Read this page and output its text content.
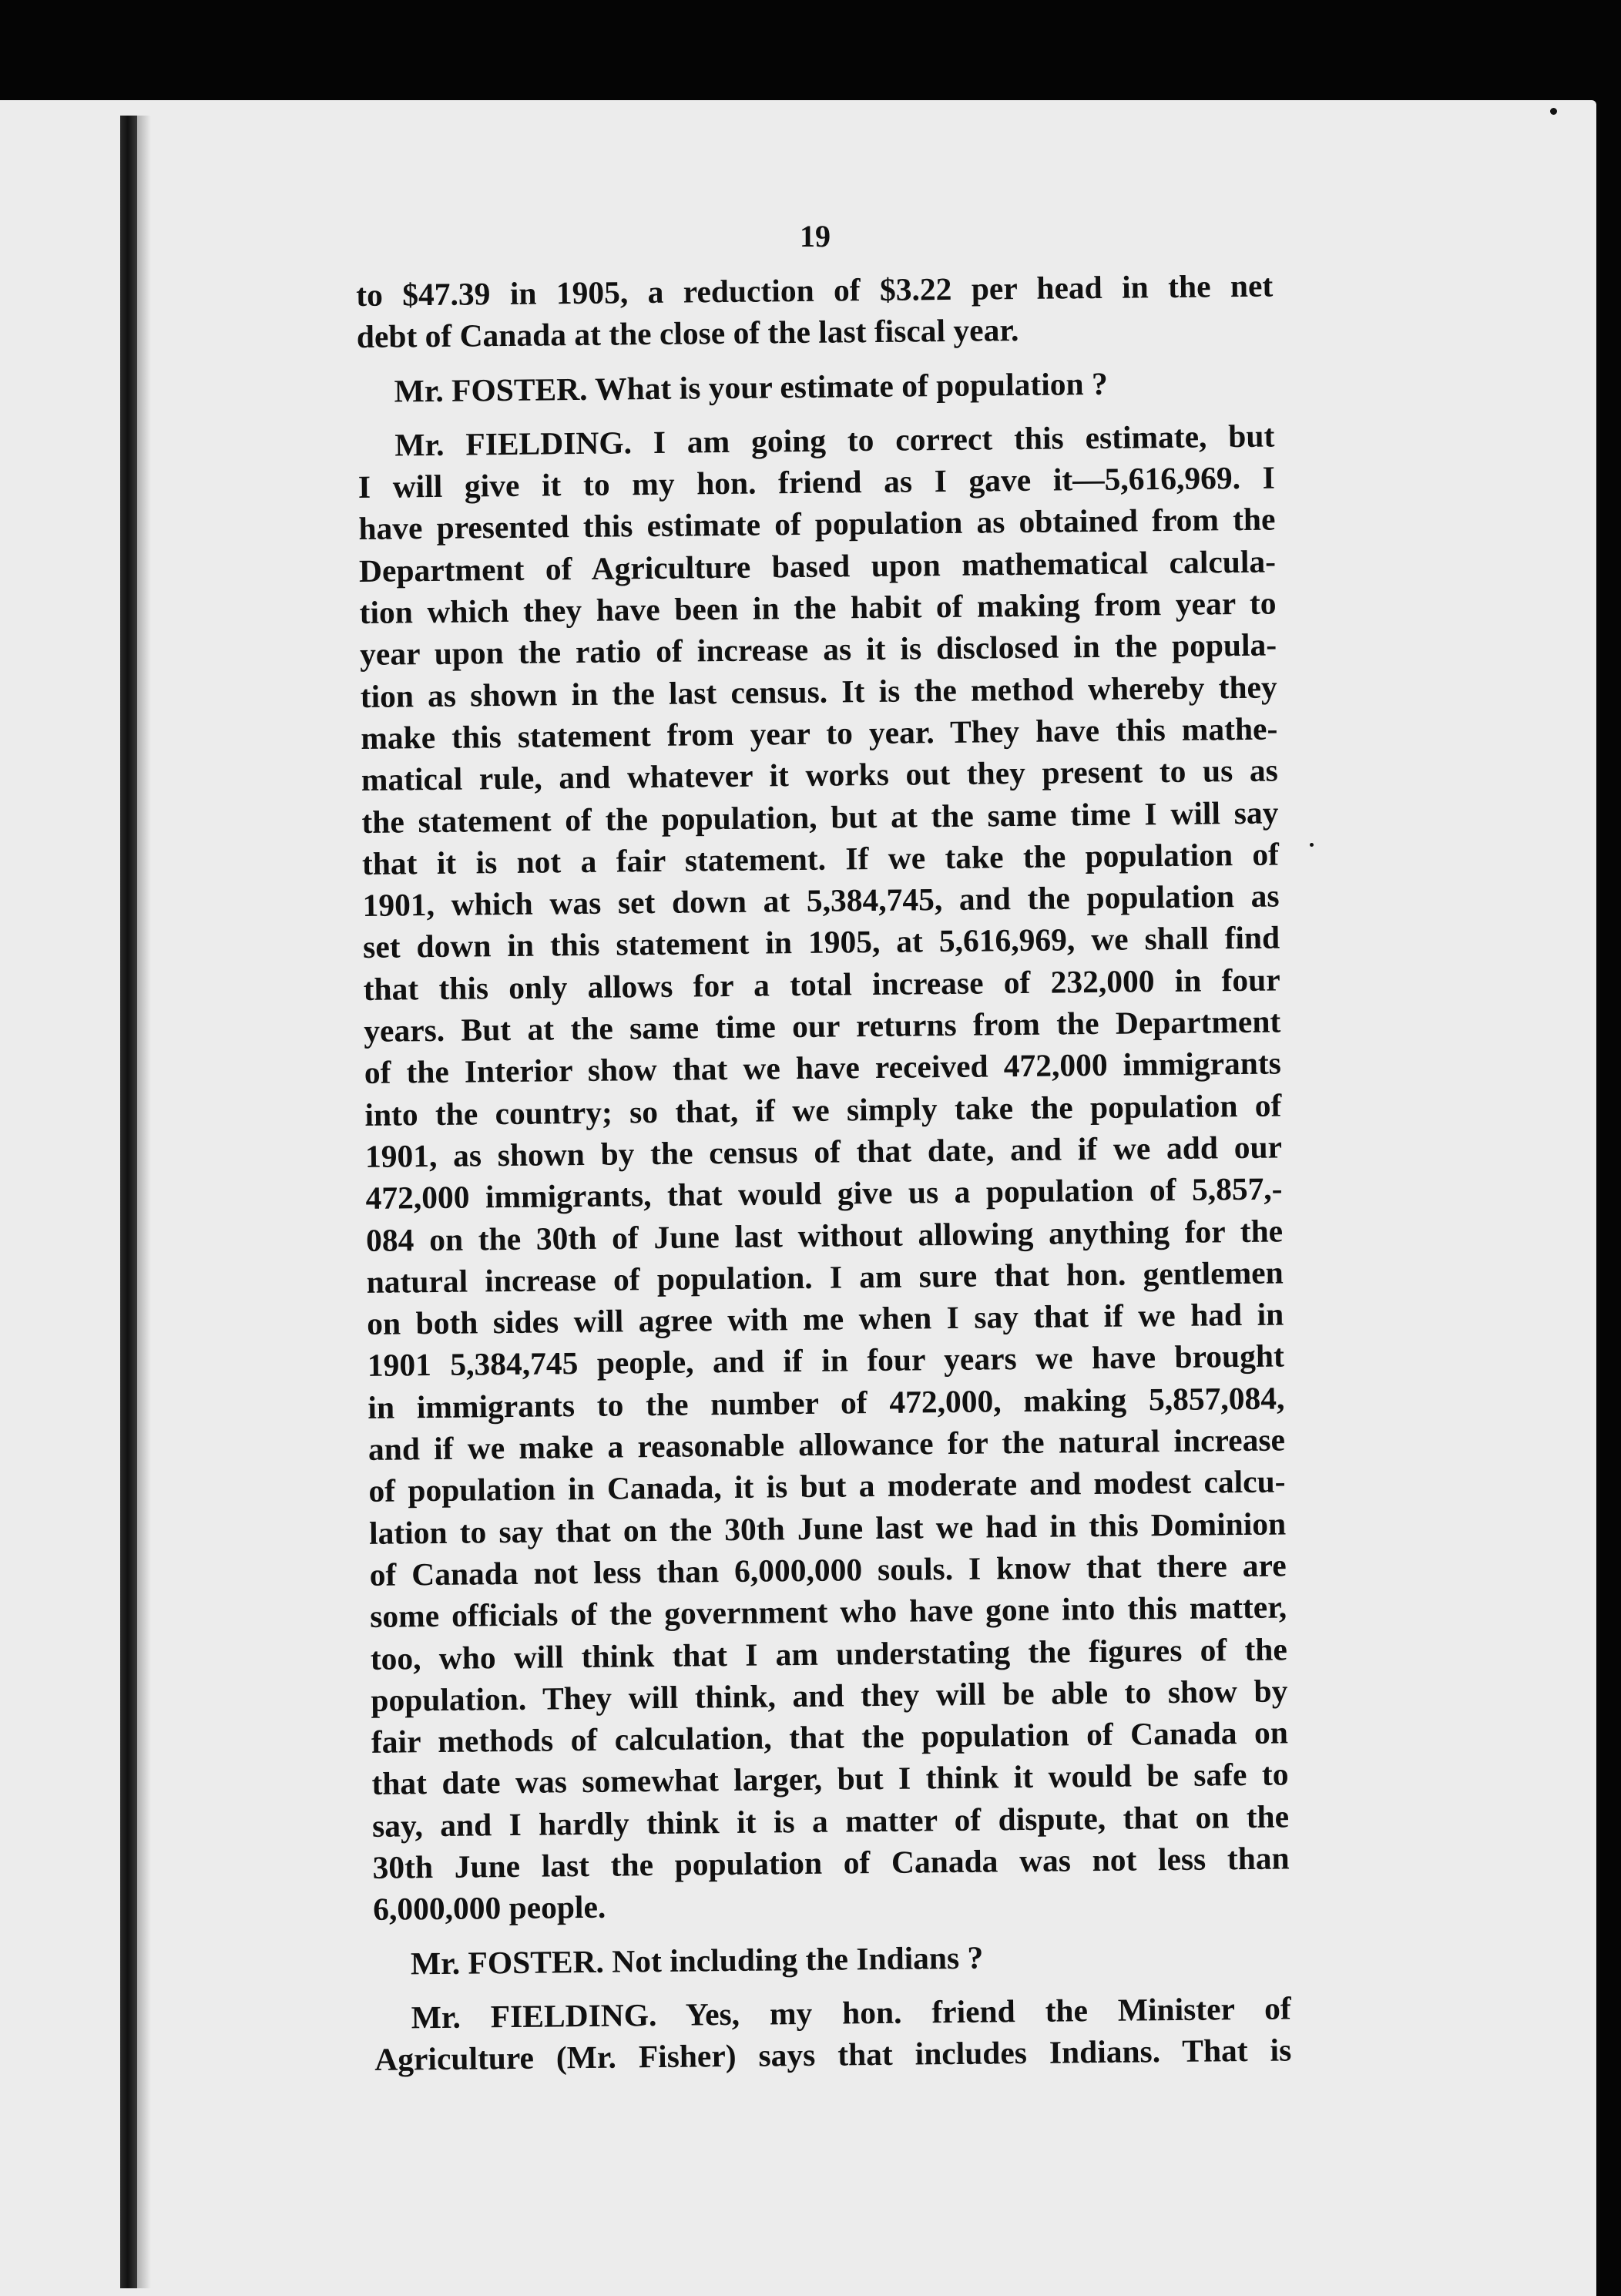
19

to $47.39 in 1905, a reduction of $3.22 per head in the net

debt of Canada at the close of the last fiscal year.

Mr. FOSTER. What is your estimate of population ?

Mr. FIELDING. I am going to correct this estimate, but

I will give it to my hon. friend as I gave it—5,616,969. I

have presented this estimate of population as obtained from the

Department of Agriculture based upon mathematical calcula-

tion which they have been in the habit of making from year to

year upon the ratio of increase as it is disclosed in the popula-

tion as shown in the last census. It is the method whereby they

make this statement from year to year. They have this mathe-

matical rule, and whatever it works out they present to us as

the statement of the population, but at the same time I will say

that it is not a fair statement. If we take the population of

1901, which was set down at 5,384,745, and the population as

set down in this statement in 1905, at 5,616,969, we shall find

that this only allows for a total increase of 232,000 in four

years. But at the same time our returns from the Department

of the Interior show that we have received 472,000 immigrants

into the country; so that, if we simply take the population of

1901, as shown by the census of that date, and if we add our

472,000 immigrants, that would give us a population of 5,857,-

084 on the 30th of June last without allowing anything for the

natural increase of population. I am sure that hon. gentlemen

on both sides will agree with me when I say that if we had in

1901 5,384,745 people, and if in four years we have brought

in immigrants to the number of 472,000, making 5,857,084,

and if we make a reasonable allowance for the natural increase

of population in Canada, it is but a moderate and modest calcu-

lation to say that on the 30th June last we had in this Dominion

of Canada not less than 6,000,000 souls. I know that there are

some officials of the government who have gone into this matter,

too, who will think that I am understating the figures of the

population. They will think, and they will be able to show by

fair methods of calculation, that the population of Canada on

that date was somewhat larger, but I think it would be safe to

say, and I hardly think it is a matter of dispute, that on the

30th June last the population of Canada was not less than

6,000,000 people.

Mr. FOSTER. Not including the Indians ?

Mr. FIELDING. Yes, my hon. friend the Minister of

Agriculture (Mr. Fisher) says that includes Indians. That is
